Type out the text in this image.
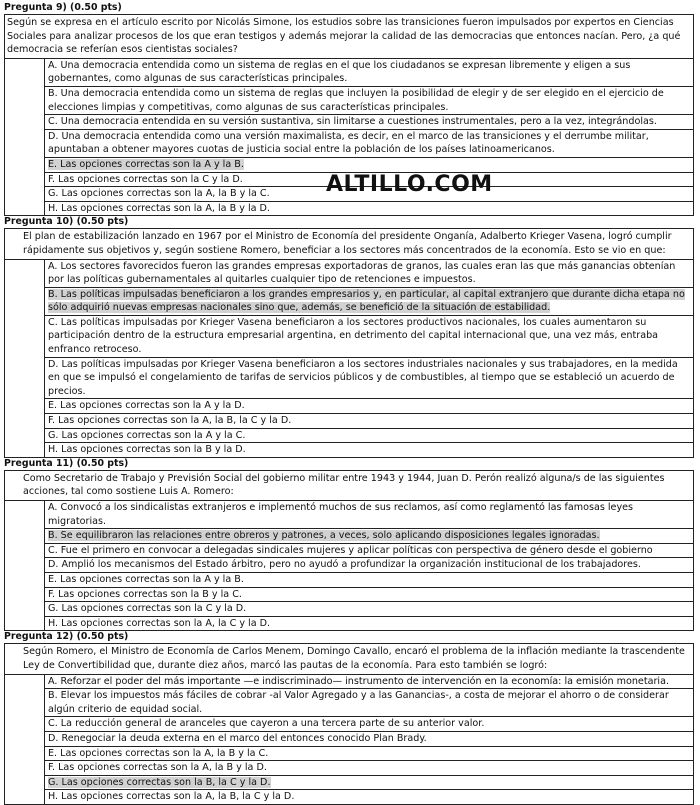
Pregunta 9) (0.50 pts)
Según se expresa en el artículo escrito por Nicolás Simone, los estudios sobre las transiciones fueron impulsados por expertos en Ciencias Sociales para analizar procesos de los que eran testigos y además mejorar la calidad de las democracias que entonces nacían. Pero, ¿a qué democracia se referían esos cientistas sociales?
A. Una democracia entendida como un sistema de reglas en el que los ciudadanos se expresan libremente y eligen a sus gobernantes, como algunas de sus características principales.
B. Una democracia entendida como un sistema de reglas que incluyen la posibilidad de elegir y de ser elegido en el ejercicio de elecciones limpias y competitivas, como algunas de sus características principales.
C. Una democracia entendida en su versión sustantiva, sin limitarse a cuestiones instrumentales, pero a la vez, integrándolas.
D. Una democracia entendida como una versión maximalista, es decir, en el marco de las transiciones y el derrumbe militar, apuntaban a obtener mayores cuotas de justicia social entre la población de los países latinoamericanos.
E. Las opciones correctas son la A y la B.
F. Las opciones correctas son la C y la D.
G. Las opciones correctas son la A, la B y la C.
H. Las opciones correctas son la A, la B y la D.
Pregunta 10) (0.50 pts)
El plan de estabilización lanzado en 1967 por el Ministro de Economía del presidente Onganía, Adalberto Krieger Vasena, logró cumplir rápidamente sus objetivos y, según sostiene Romero, beneficiar a los sectores más concentrados de la economía. Esto se vio en que:
A. Los sectores favorecidos fueron las grandes empresas exportadoras de granos, las cuales eran las que más ganancias obtenían por las políticas gubernamentales al quitarles cualquier tipo de retenciones e impuestos.
B. Las políticas impulsadas beneficiaron a los grandes empresarios y, en particular, al capital extranjero que durante dicha etapa no sólo adquirió nuevas empresas nacionales sino que, además, se benefició de la situación de estabilidad.
C. Las políticas impulsadas por Krieger Vasena beneficiaron a los sectores productivos nacionales, los cuales aumentaron su participación dentro de la estructura empresarial argentina, en detrimento del capital internacional que, una vez más, entraba enfranco retroceso.
D. Las políticas impulsadas por Krieger Vasena beneficiaron a los sectores industriales nacionales y sus trabajadores, en la medida en que se impulsó el congelamiento de tarifas de servicios públicos y de combustibles, al tiempo que se estableció un acuerdo de precios.
E. Las opciones correctas son la A y la D.
F. Las opciones correctas son la A, la B, la C y la D.
G. Las opciones correctas son la A y la C.
H. Las opciones correctas son la B y la D.
Pregunta 11) (0.50 pts)
Como Secretario de Trabajo y Previsión Social del gobierno militar entre 1943 y 1944, Juan D. Perón realizó alguna/s de las siguientes acciones, tal como sostiene Luis A. Romero:
A. Convocó a los sindicalistas extranjeros e implementó muchos de sus reclamos, así como reglamentó las famosas leyes migratorias.
B. Se equilibraron las relaciones entre obreros y patrones, a veces, solo aplicando disposiciones legales ignoradas.
C. Fue el primero en convocar a delegadas sindicales mujeres y aplicar políticas con perspectiva de género desde el gobierno
D. Amplió los mecanismos del Estado árbitro, pero no ayudó a profundizar la organización institucional de los trabajadores.
E. Las opciones correctas son la A y la B.
F. Las opciones correctas son la B y la C.
G. Las opciones correctas son la C y la D.
H. Las opciones correctas son la A, la C y la D.
Pregunta 12) (0.50 pts)
Según Romero, el Ministro de Economía de Carlos Menem, Domingo Cavallo, encaró el problema de la inflación mediante la trascendente Ley de Convertibilidad que, durante diez años, marcó las pautas de la economía. Para esto también se logró:
A. Reforzar el poder del más importante —e indiscriminado— instrumento de intervención en la economía: la emisión monetaria.
B. Elevar los impuestos más fáciles de cobrar -al Valor Agregado y a las Ganancias-, a costa de mejorar el ahorro o de considerar algún criterio de equidad social.
C. La reducción general de aranceles que cayeron a una tercera parte de su anterior valor.
D. Renegociar la deuda externa en el marco del entonces conocido Plan Brady.
E. Las opciones correctas son la A, la B y la C.
F. Las opciones correctas son la A, la B y la D.
G. Las opciones correctas son la B, la C y la D.
H. Las opciones correctas son la A, la B, la C y la D.
ALTILLO.COM
